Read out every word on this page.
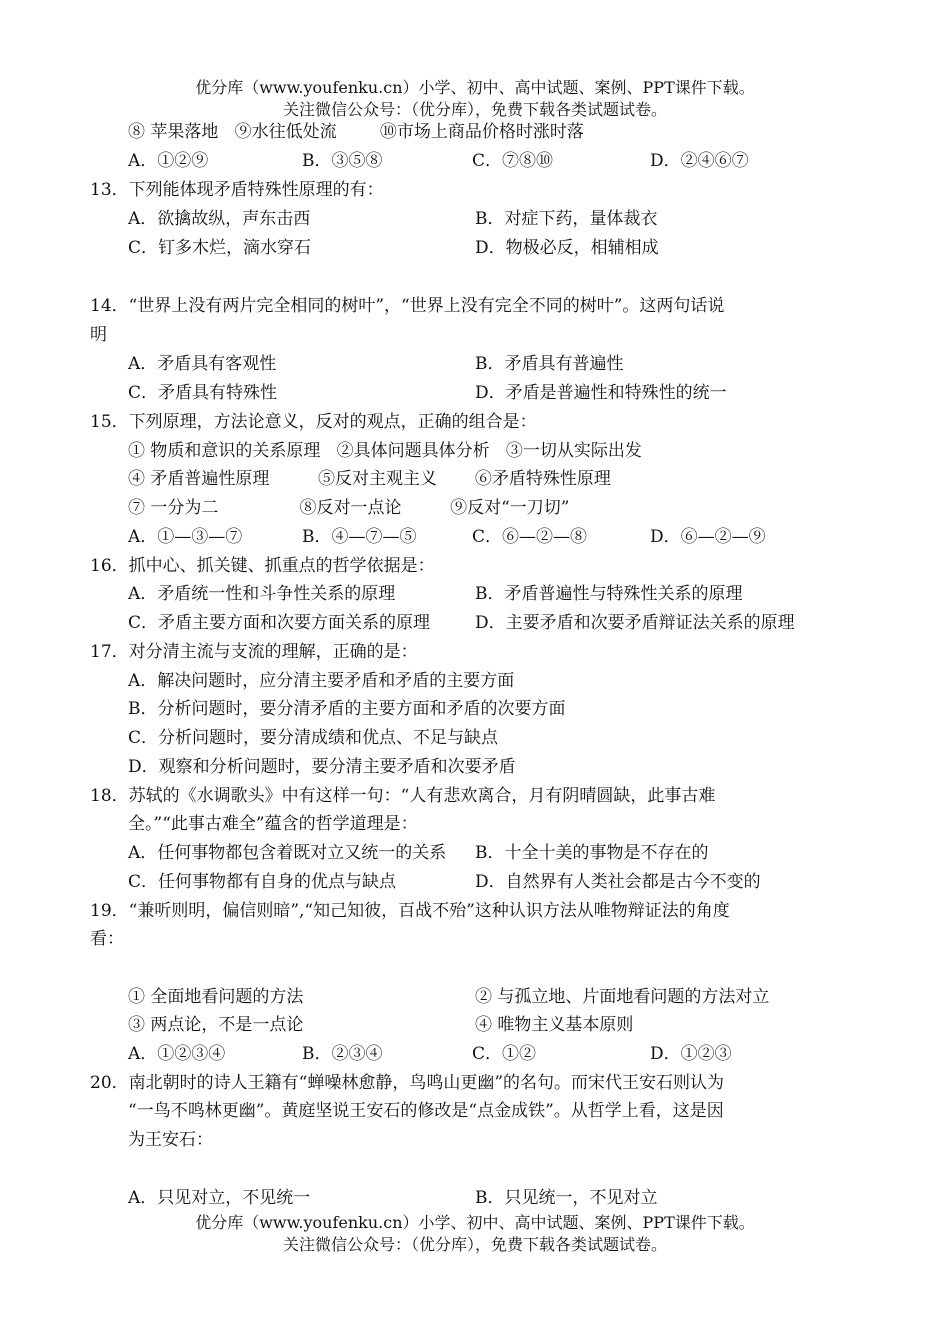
优分库（www.youfenku.cn）小学、初中、高中试题、案例、PPT课件下载。
关注微信公众号：（优分库），免费下载各类试题试卷。
⑧ 苹果落地   ⑨水往低处流        ⑩市场上商品价格时涨时落
A．①②⑨	B．③⑤⑧	C．⑦⑧⑩	D．②④⑥⑦
13．下列能体现矛盾特殊性原理的有：
A．欲擒故纵，声东击西	B．对症下药，量体裁衣
C．钉多木烂，滴水穿石	D．物极必反，相辅相成
14．“世界上没有两片完全相同的树叶”，“世界上没有完全不同的树叶”。这两句话说
明
A．矛盾具有客观性	B．矛盾具有普遍性
C．矛盾具有特殊性	D．矛盾是普遍性和特殊性的统一
15．下列原理，方法论意义，反对的观点，正确的组合是：
① 物质和意识的关系原理   ②具体问题具体分析   ③一切从实际出发
④ 矛盾普遍性原理         ⑤反对主观主义       ⑥矛盾特殊性原理
⑦ 一分为二               ⑧反对一点论         ⑨反对“一刀切”
A．①—③—⑦	B．④—⑦—⑤	C．⑥—②—⑧	D．⑥—②—⑨
16．抓中心、抓关键、抓重点的哲学依据是：
A．矛盾统一性和斗争性关系的原理	B．矛盾普遍性与特殊性关系的原理
C．矛盾主要方面和次要方面关系的原理	D．主要矛盾和次要矛盾辩证法关系的原理
17．对分清主流与支流的理解，正确的是：
A．解决问题时，应分清主要矛盾和矛盾的主要方面
B．分析问题时，要分清矛盾的主要方面和矛盾的次要方面
C．分析问题时，要分清成绩和优点、不足与缺点
D．观察和分析问题时，要分清主要矛盾和次要矛盾
18．苏轼的《水调歌头》中有这样一句：“人有悲欢离合，月有阴晴圆缺，此事古难
全。”“此事古难全”蕴含的哲学道理是：
A．任何事物都包含着既对立又统一的关系 B．十全十美的事物是不存在的
C．任何事物都有自身的优点与缺点	D．自然界有人类社会都是古今不变的
19．“兼听则明，偏信则暗”,“知己知彼，百战不殆”这种认识方法从唯物辩证法的角度
看：
① 全面地看问题的方法	② 与孤立地、片面地看问题的方法对立
③ 两点论，不是一点论	④ 唯物主义基本原则
A．①②③④	B．②③④	C．①②	D．①②③
20．南北朝时的诗人王籍有“蝉噪林愈静，鸟鸣山更幽”的名句。而宋代王安石则认为
“一鸟不鸣林更幽”。黄庭坚说王安石的修改是“点金成铁”。从哲学上看，这是因
为王安石：
A．只见对立，不见统一	B．只见统一，不见对立
优分库（www.youfenku.cn）小学、初中、高中试题、案例、PPT课件下载。
关注微信公众号：（优分库），免费下载各类试题试卷。
